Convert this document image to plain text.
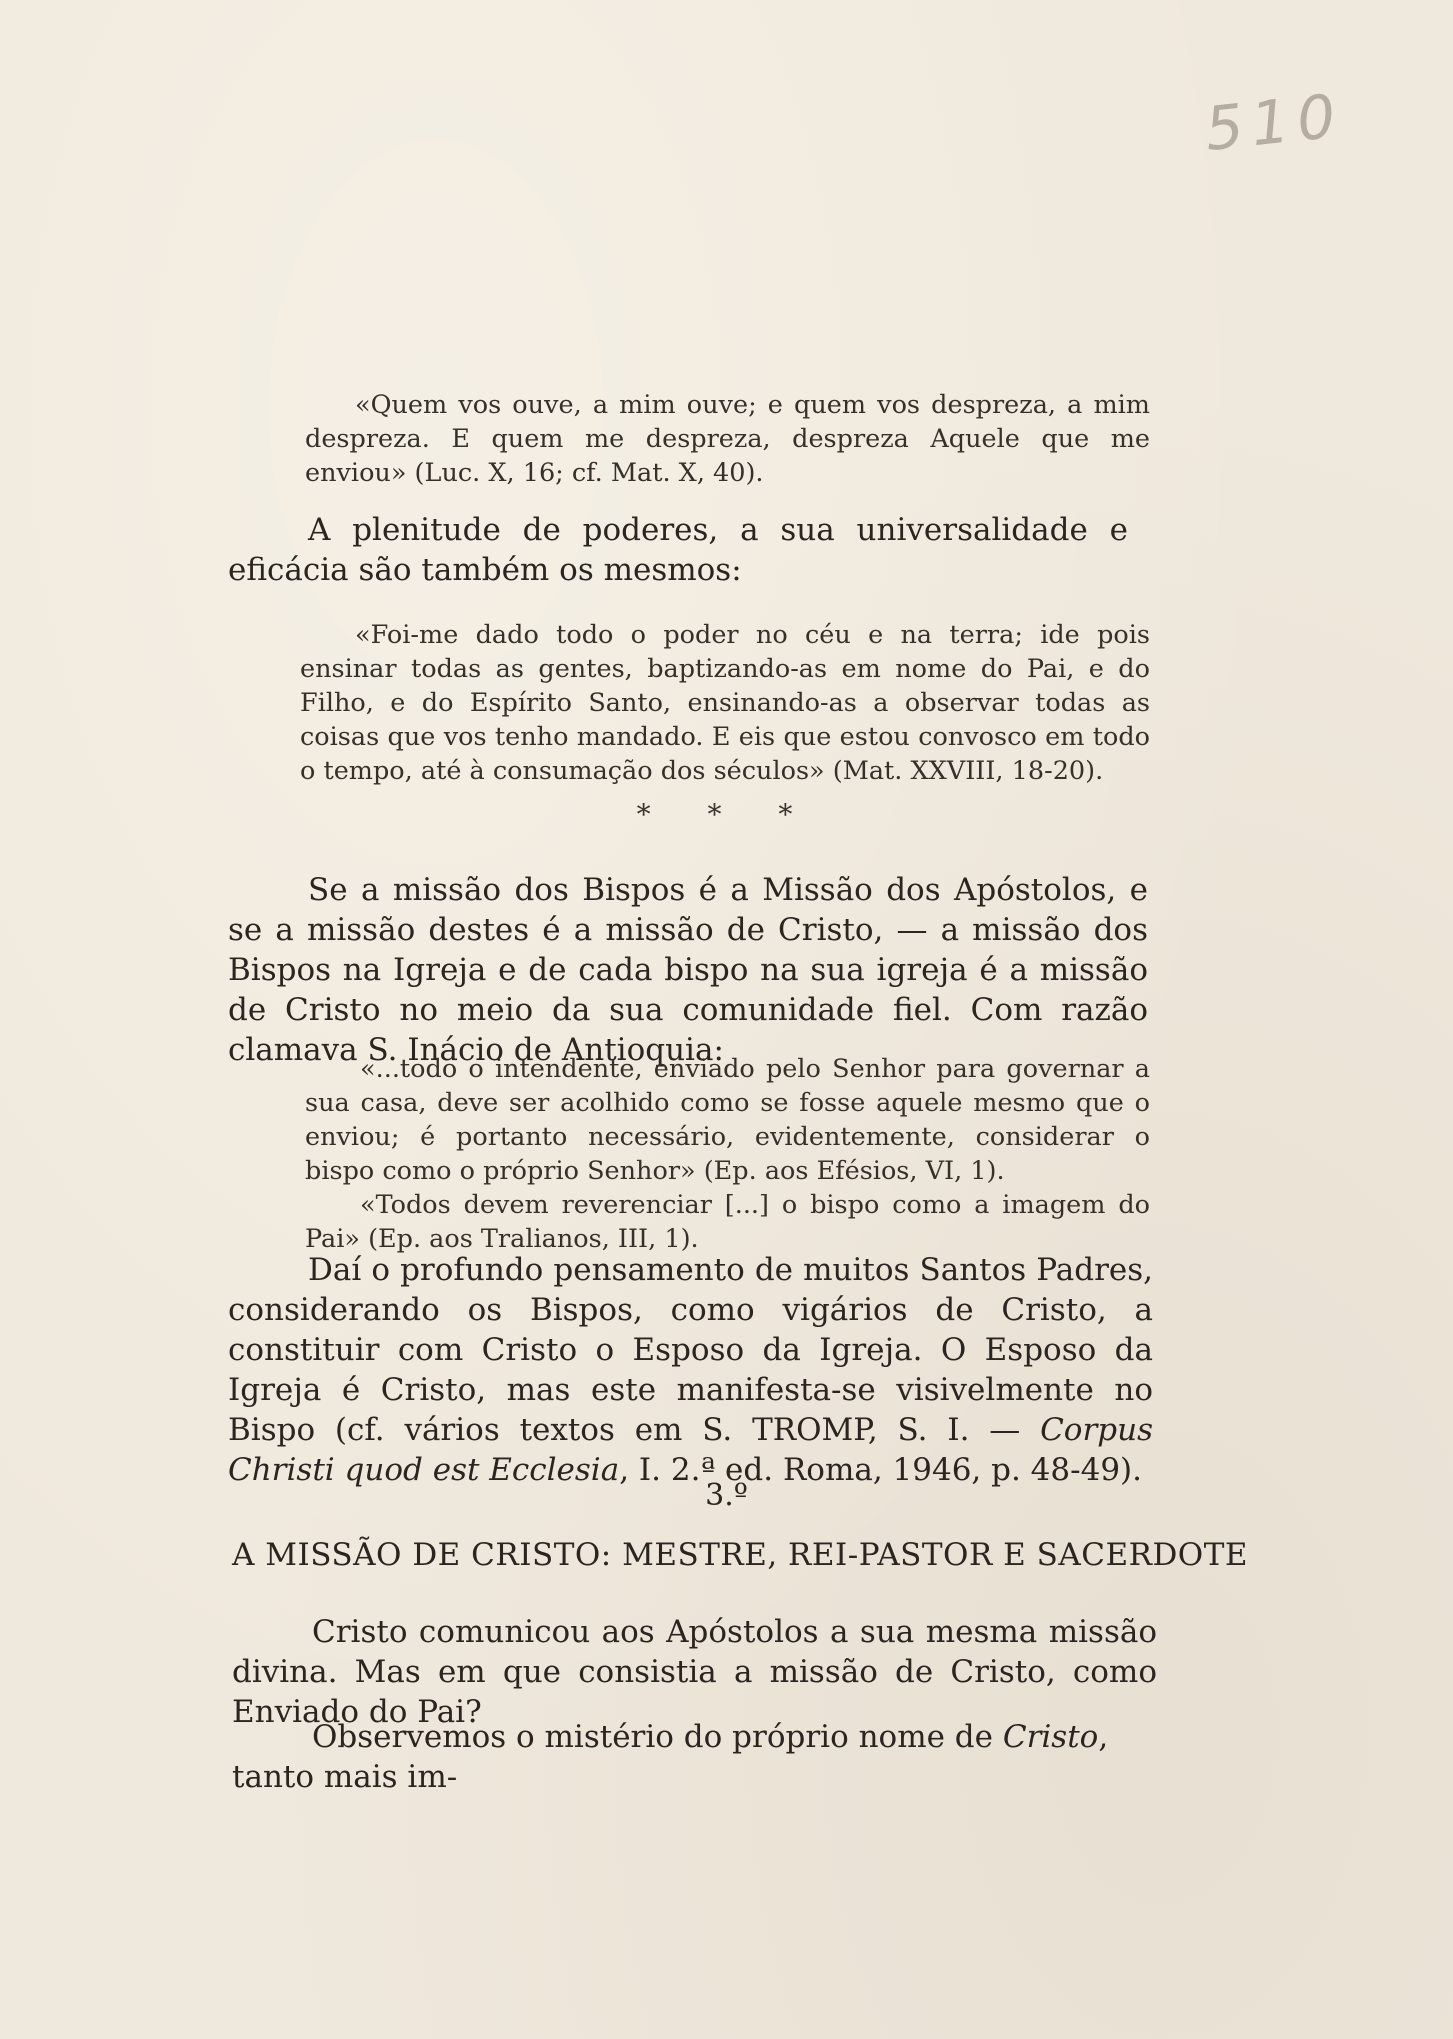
510

«Quem vos ouve, a mim ouve; e quem vos despreza, a mim despreza. E quem me despreza, despreza Aquele que me enviou» (Luc. X, 16; cf. Mat. X, 40).

A plenitude de poderes, a sua universalidade e eficácia são também os mesmos:

«Foi-me dado todo o poder no céu e na terra; ide pois ensinar todas as gentes, baptizando-as em nome do Pai, e do Filho, e do Espírito Santo, ensinando-as a observar todas as coisas que vos tenho mandado. E eis que estou convosco em todo o tempo, até à consumação dos séculos» (Mat. XXVIII, 18-20).

* * *

Se a missão dos Bispos é a Missão dos Apóstolos, e se a missão destes é a missão de Cristo, — a missão dos Bispos na Igreja e de cada bispo na sua igreja é a missão de Cristo no meio da sua comunidade fiel. Com razão clamava S. Inácio de Antioquia:

«...todo o intendente, enviado pelo Senhor para governar a sua casa, deve ser acolhido como se fosse aquele mesmo que o enviou; é portanto necessário, evidentemente, considerar o bispo como o próprio Senhor» (Ep. aos Efésios, VI, 1).

«Todos devem reverenciar [...] o bispo como a imagem do Pai» (Ep. aos Tralianos, III, 1).

Daí o profundo pensamento de muitos Santos Padres, considerando os Bispos, como vigários de Cristo, a constituir com Cristo o Esposo da Igreja. O Esposo da Igreja é Cristo, mas este manifesta-se visivelmente no Bispo (cf. vários textos em S. TROMP, S. I. — Corpus Christi quod est Ecclesia, I. 2.ª ed. Roma, 1946, p. 48-49).

3.º
A MISSÃO DE CRISTO: MESTRE, REI-PASTOR E SACERDOTE

Cristo comunicou aos Apóstolos a sua mesma missão divina. Mas em que consistia a missão de Cristo, como Enviado do Pai?

Observemos o mistério do próprio nome de Cristo, tanto mais im-
